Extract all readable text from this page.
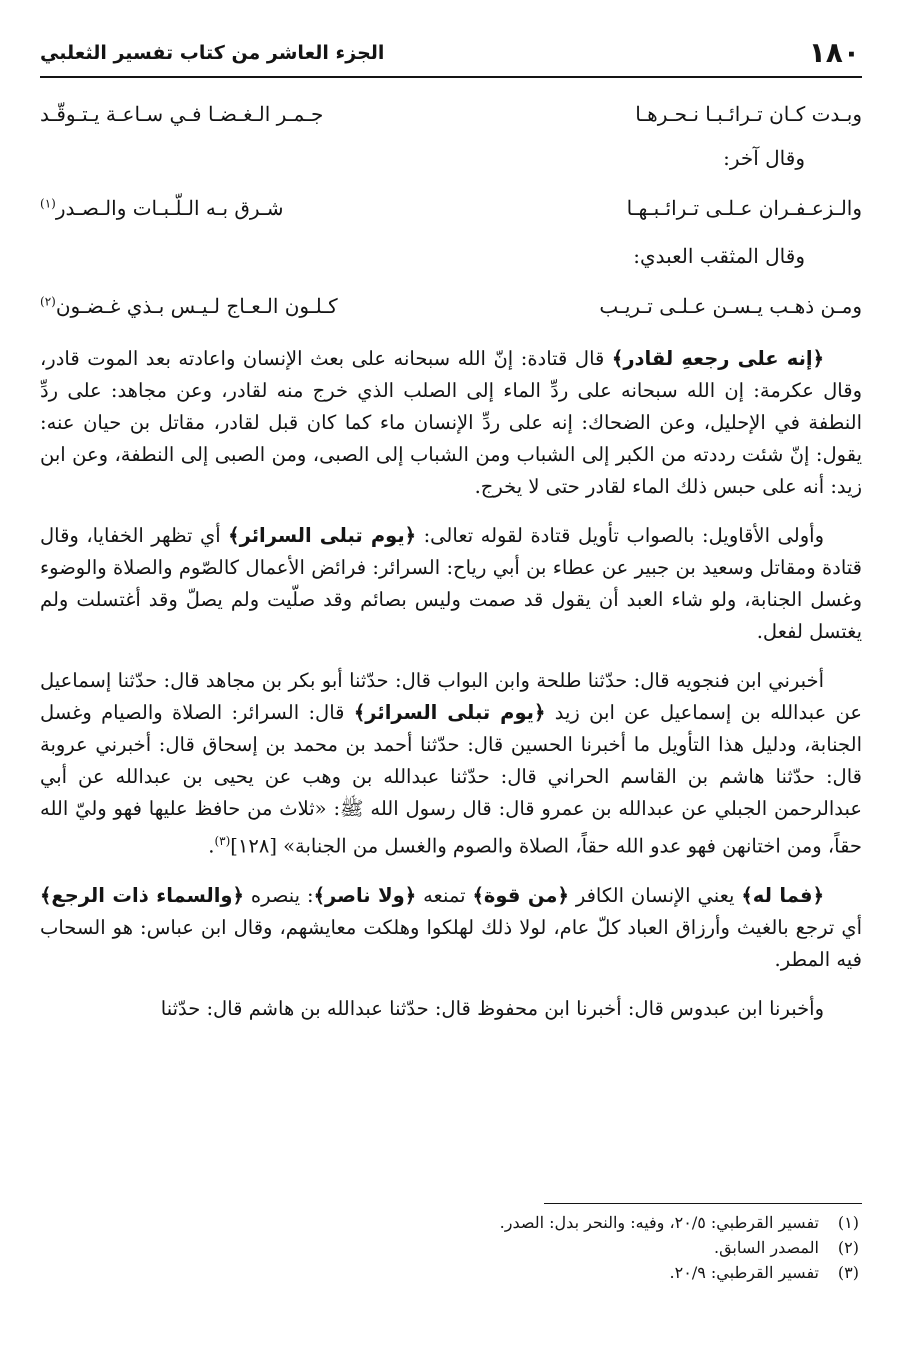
١٨٠
الجزء العاشر من كتاب تفسير الثعلبي
وبـدت كـان تـرائـبـا نـحـرهـا
جـمـر الـغـضـا فـي سـاعـة يـتـوقّـد
وقال آخر:
والـزعـفـران عـلـى تـرائـبـهـا
شـرق بـه الـلّـبـات والـصـدر$^{(١)}$
وقال المثقب العبدي:
ومـن ذهـب يـسـن عـلـى تـريـب
كـلـون الـعـاج لـيـس بـذي غـضـون$^{(٢)}$

﴿إنه على رجعهِ لقادر﴾ قال قتادة: إنّ الله سبحانه على بعث الإنسان واعادته بعد الموت قادر، وقال عكرمة: إن الله سبحانه على ردِّ الماء إلى الصلب الذي خرج منه لقادر، وعن مجاهد: على ردِّ النطفة في الإحليل، وعن الضحاك: إنه على ردِّ الإنسان ماء كما كان قبل لقادر، مقاتل بن حيان عنه: يقول: إنّ شئت رددته من الكبر إلى الشباب ومن الشباب إلى الصبى، ومن الصبى إلى النطفة، وعن ابن زيد: أنه على حبس ذلك الماء لقادر حتى لا يخرج.

وأولى الأقاويل: بالصواب تأويل قتادة لقوله تعالى: ﴿يوم تبلى السرائر﴾ أي تظهر الخفايا، وقال قتادة ومقاتل وسعيد بن جبير عن عطاء بن أبي رياح: السرائر: فرائض الأعمال كالصّوم والصلاة والوضوء وغسل الجنابة، ولو شاء العبد أن يقول قد صمت وليس بصائم وقد صلّيت ولم يصلّ وقد أغتسلت ولم يغتسل لفعل.

أخبرني ابن فنجويه قال: حدّثنا طلحة وابن البواب قال: حدّثنا أبو بكر بن مجاهد قال: حدّثنا إسماعيل عن عبدالله بن إسماعيل عن ابن زيد ﴿يوم تبلى السرائر﴾ قال: السرائر: الصلاة والصيام وغسل الجنابة، ودليل هذا التأويل ما أخبرنا الحسين قال: حدّثنا أحمد بن محمد بن إسحاق قال: أخبرني عروبة قال: حدّثنا هاشم بن القاسم الحراني قال: حدّثنا عبدالله بن وهب عن يحيى بن عبدالله عن أبي عبدالرحمن الجبلي عن عبدالله بن عمرو قال: قال رسول الله ﷺ: «ثلاث من حافظ عليها فهو وليّ الله حقاً، ومن اختانهن فهو عدو الله حقاً، الصلاة والصوم والغسل من الجنابة» [١٢٨]$^{(٣)}$.

﴿فما له﴾ يعني الإنسان الكافر ﴿من قوة﴾ تمنعه ﴿ولا ناصر﴾: ينصره ﴿والسماء ذات الرجع﴾ أي ترجع بالغيث وأرزاق العباد كلّ عام، لولا ذلك لهلكوا وهلكت معايشهم، وقال ابن عباس: هو السحاب فيه المطر.

وأخبرنا ابن عبدوس قال: أخبرنا ابن محفوظ قال: حدّثنا عبدالله بن هاشم قال: حدّثنا

(١)تفسير القرطبي: ٢٠/٥، وفيه: والنحر بدل: الصدر.
(٢)المصدر السابق.
(٣)تفسير القرطبي: ٢٠/٩.
